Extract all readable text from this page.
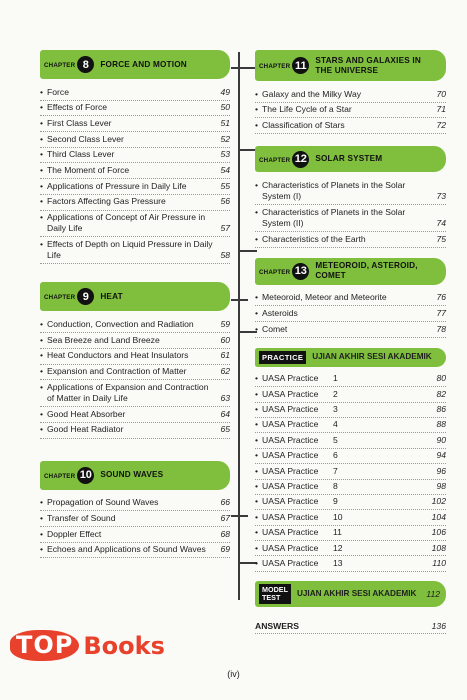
CHAPTER 8	FORCE AND MOTION
• Force	49
• Effects of Force	50
• First Class Lever	51
• Second Class Lever	52
• Third Class Lever	53
• The Moment of Force	54
• Applications of Pressure in Daily Life	55
• Factors Affecting Gas Pressure	56
• Applications of Concept of Air Pressure in Daily Life	57
• Effects of Depth on Liquid Pressure in Daily Life	58
CHAPTER 9	HEAT
• Conduction, Convection and Radiation	59
• Sea Breeze and Land Breeze	60
• Heat Conductors and Heat Insulators	61
• Expansion and Contraction of Matter	62
• Applications of Expansion and Contraction of Matter in Daily Life	63
• Good Heat Absorber	64
• Good Heat Radiator	65
CHAPTER 10 SOUND WAVES
• Propagation of Sound Waves	66
• Transfer of Sound	67
• Doppler Effect	68
• Echoes and Applications of Sound Waves	69
CHAPTER 11	STARS AND GALAXIES IN THE UNIVERSE
• Galaxy and the Milky Way	70
• The Life Cycle of a Star	71
• Classification of Stars	72
CHAPTER 12 SOLAR SYSTEM
• Characteristics of Planets in the Solar System (I)	73
• Characteristics of Planets in the Solar System (II)	74
• Characteristics of the Earth	75
CHAPTER 13 METEOROID, ASTEROID, COMET
• Meteoroid, Meteor and Meteorite	76
• Asteroids	77
• Comet	78
PRACTICE	UJIAN AKHIR SESI AKADEMIK
• UASA Practice	1	80
• UASA Practice	2	82
• UASA Practice	3	86
• UASA Practice	4	88
• UASA Practice	5	90
• UASA Practice	6	94
• UASA Practice	7	96
• UASA Practice	8	98
• UASA Practice	9	102
• UASA Practice	10	104
• UASA Practice	11	106
• UASA Practice	12	108
• UASA Practice	13	110
MODEL
TEST	UJIAN AKHIR SESI AKADEMIK	112
ANSWERS	136
TOP Books
(iv)
